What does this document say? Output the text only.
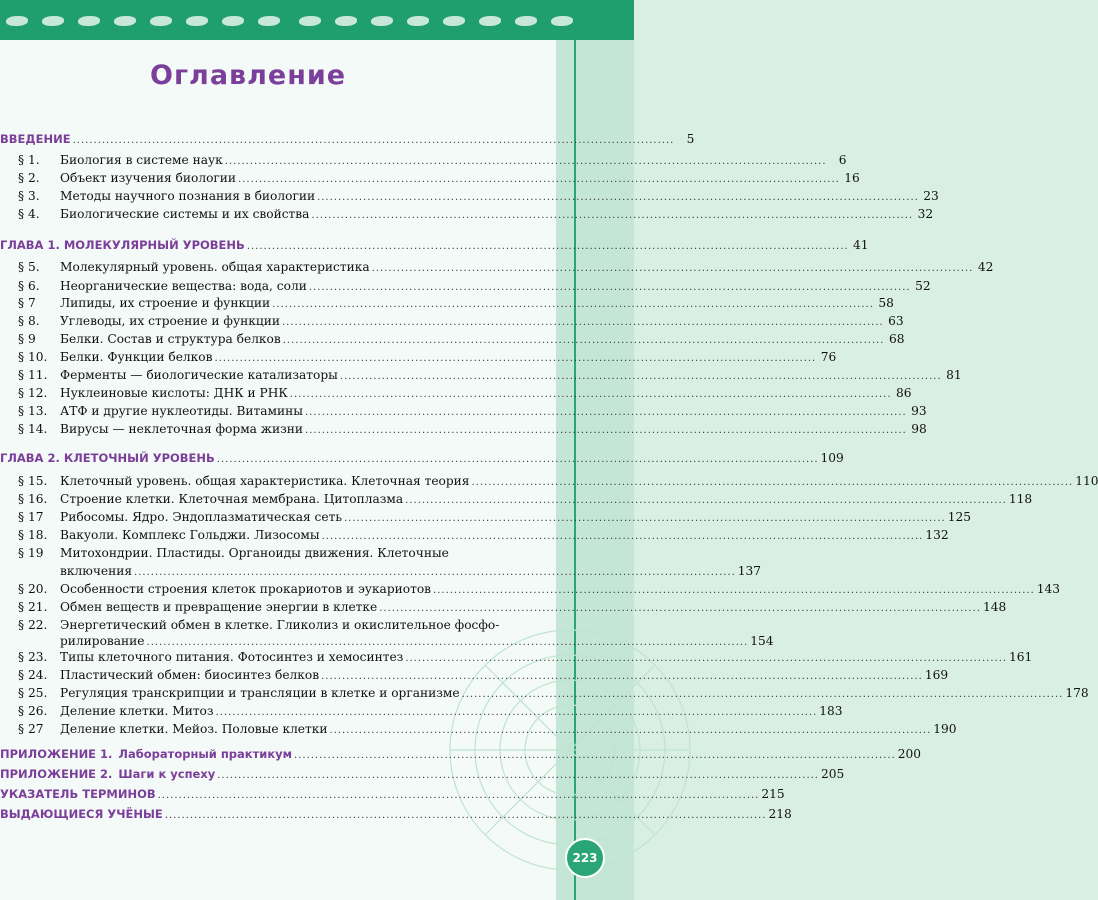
Оглавление
ВВЕДЕНИЕ ................................................................................................................................................	5
§ 1.	Биология в системе наук ................................................................................................................................................	6
§ 2.	Объект изучения биологии ................................................................................................................................................ 16
§ 3.	Методы научного познания в биологии ................................................................................................................................................ 23
§ 4.	Биологические системы и их свойства ................................................................................................................................................ 32
ГЛАВА 1. МОЛЕКУЛЯРНЫЙ УРОВЕНЬ ................................................................................................................................................ 41
§ 5.	Молекулярный уровень. общая характеристика ................................................................................................................................................ 42
§ 6.	Неорганические вещества: вода, соли ................................................................................................................................................ 52
§ 7	Липиды, их строение и функции ................................................................................................................................................ 58
§ 8.	Углеводы, их строение и функции ................................................................................................................................................ 63
§ 9	Белки. Состав и структура белков ................................................................................................................................................ 68
§ 10.	Белки. Функции белков ................................................................................................................................................ 76
§ 11.	Ферменты — биологические катализаторы ................................................................................................................................................ 81
§ 12.	Нуклеиновые кислоты: ДНК и РНК ................................................................................................................................................ 86
§ 13.	АТФ и другие нуклеотиды. Витамины ................................................................................................................................................ 93
§ 14.	Вирусы — неклеточная форма жизни ................................................................................................................................................ 98
ГЛАВА 2. КЛЕТОЧНЫЙ УРОВЕНЬ ................................................................................................................................................ 109
§ 15.	Клеточный уровень. общая характеристика. Клеточная теория ................................................................................................................................................ 110
§ 16.	Строение клетки. Клеточная мембрана. Цитоплазма ................................................................................................................................................ 118
§ 17	Рибосомы. Ядро. Эндоплазматическая сеть ................................................................................................................................................ 125
§ 18.	Вакуоли. Комплекс Гольджи. Лизосомы ................................................................................................................................................ 132
§ 19	Митохондрии. Пластиды. Органоиды движения. Клеточные
включения ................................................................................................................................................ 137
§ 20.	Особенности строения клеток прокариотов и эукариотов ................................................................................................................................................ 143
§ 21.	Обмен веществ и превращение энергии в клетке ................................................................................................................................................ 148
§ 22.	Энергетический обмен в клетке. Гликолиз и окислительное фосфо-
рилирование ................................................................................................................................................ 154
§ 23.	Типы клеточного питания. Фотосинтез и хемосинтез ................................................................................................................................................ 161
§ 24.	Пластический обмен: биосинтез белков ................................................................................................................................................ 169
§ 25.	Регуляция транскрипции и трансляции в клетке и организме ................................................................................................................................................ 178
§ 26.	Деление клетки. Митоз ................................................................................................................................................ 183
§ 27	Деление клетки. Мейоз. Половые клетки ................................................................................................................................................ 190
ПРИЛОЖЕНИЕ 1. Лабораторный практикум ................................................................................................................................................ 200
ПРИЛОЖЕНИЕ 2. Шаги к успеху ................................................................................................................................................ 205
УКАЗАТЕЛЬ ТЕРМИНОВ ................................................................................................................................................ 215
ВЫДАЮЩИЕСЯ УЧЁНЫЕ ................................................................................................................................................ 218
223
